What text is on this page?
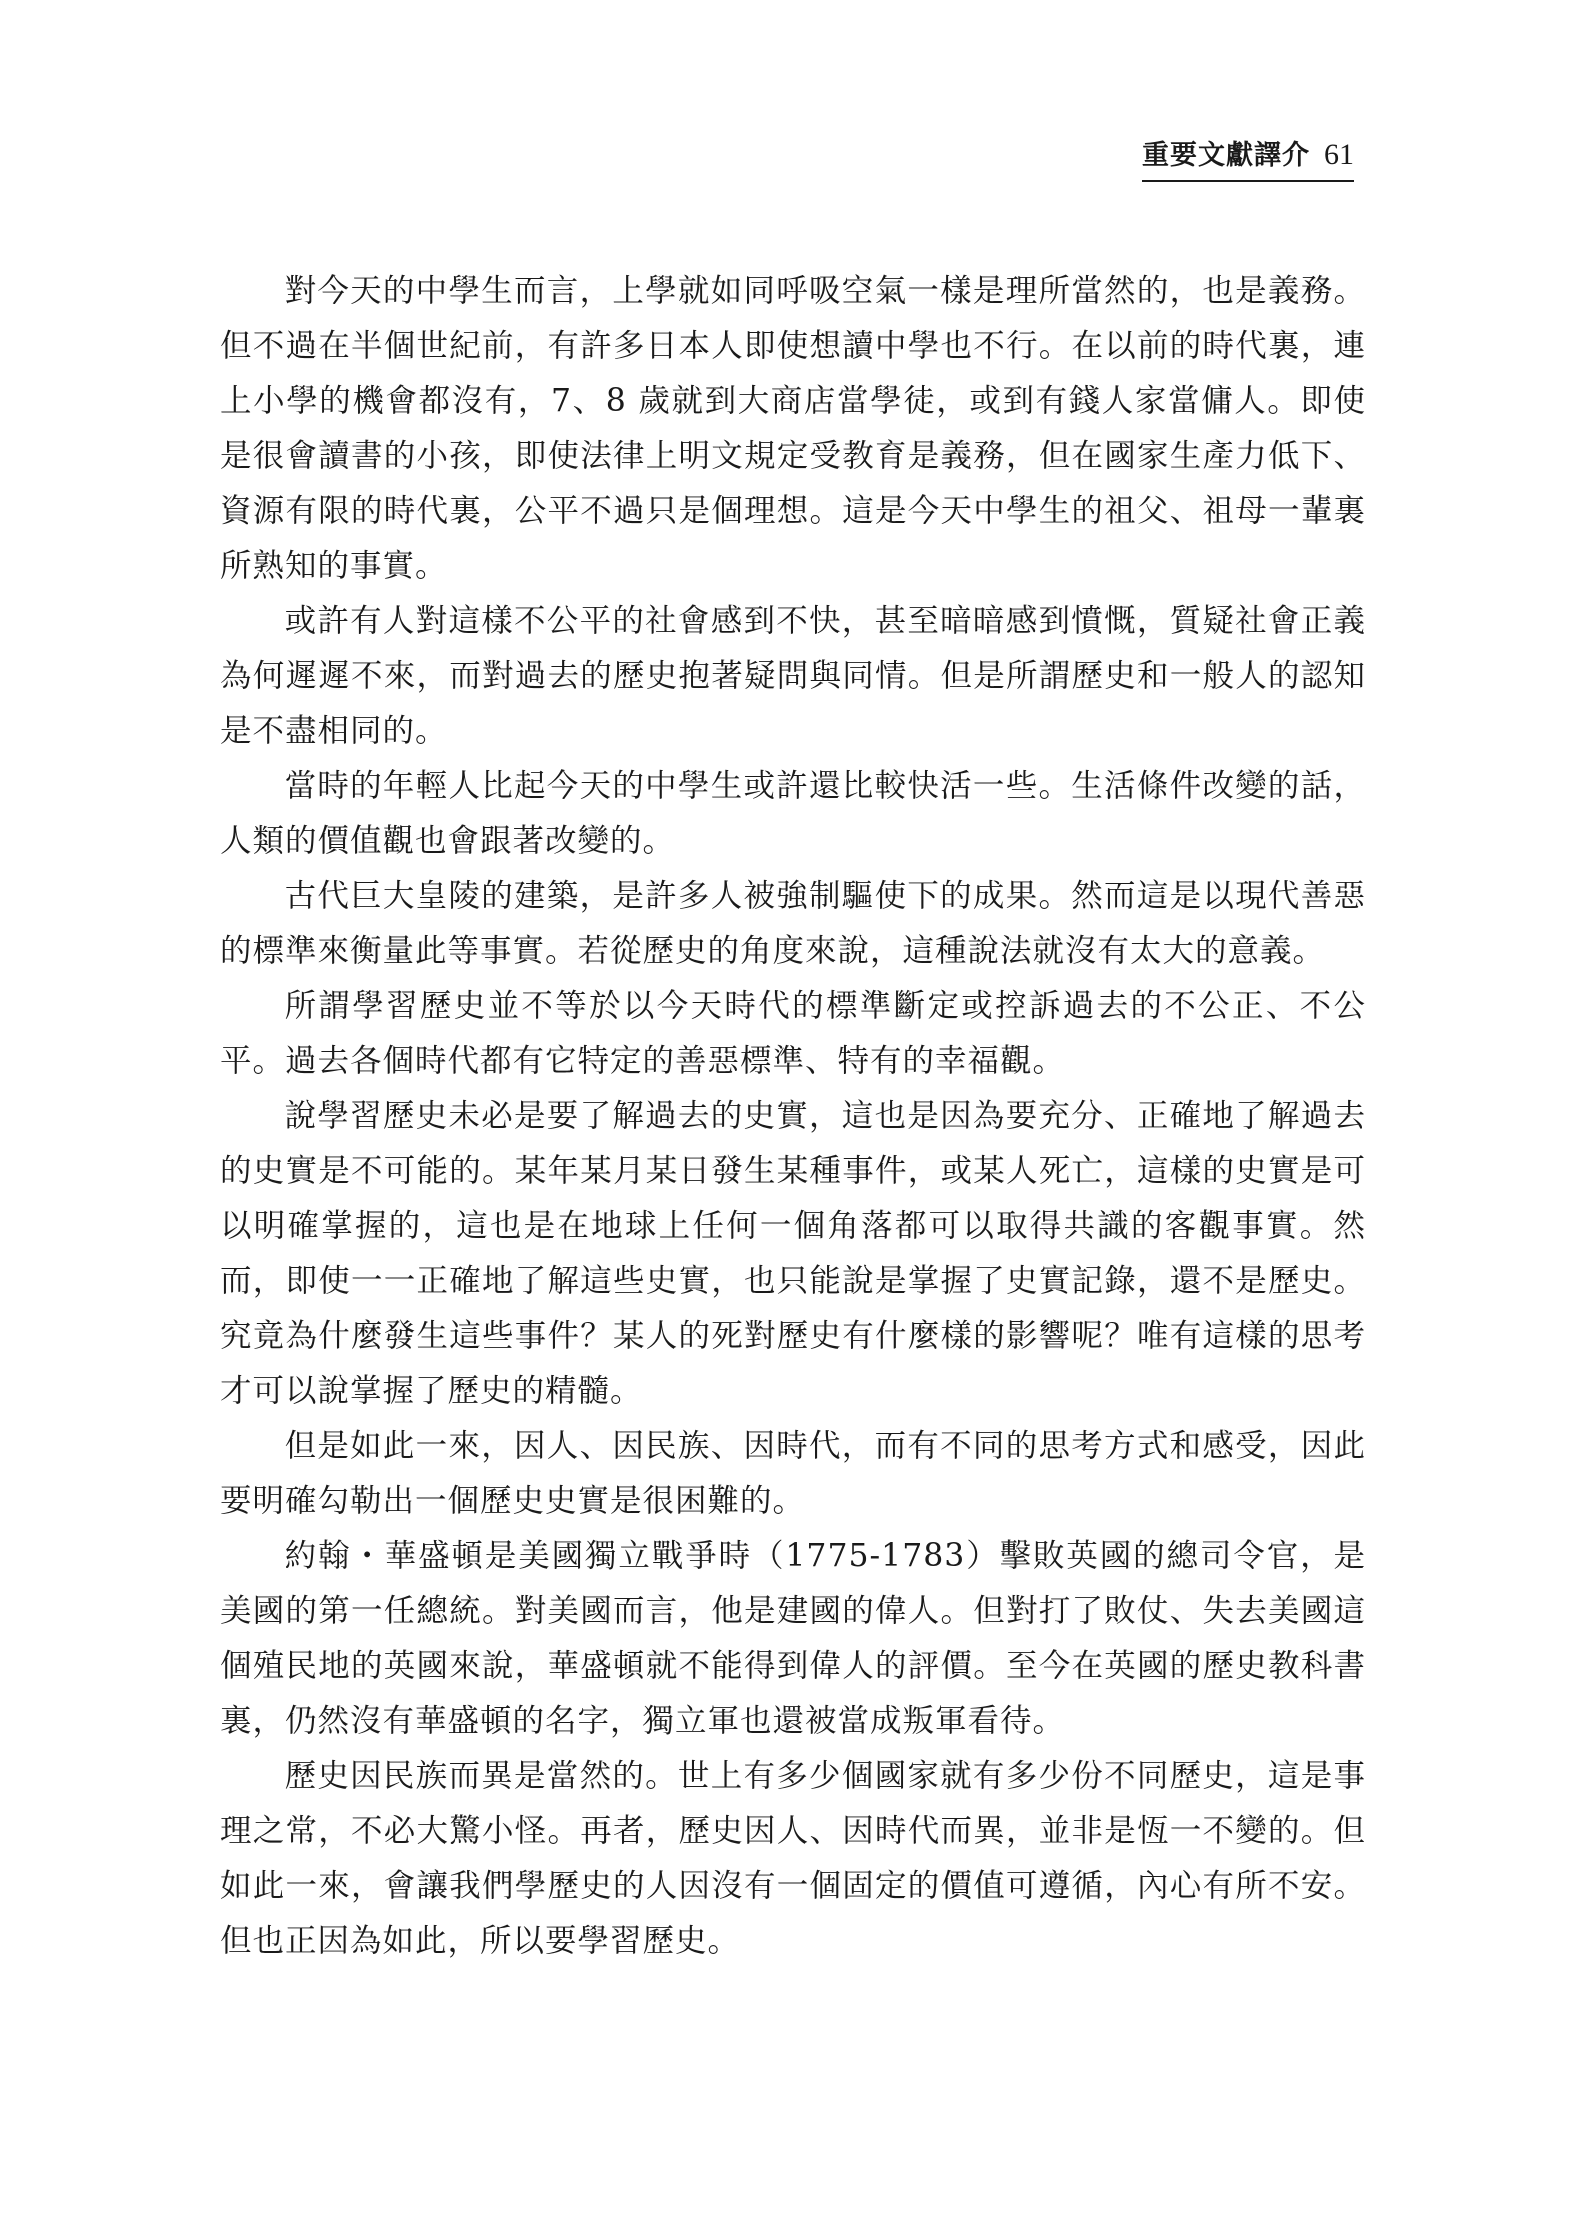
重要文獻譯介 61

對今天的中學生而言，上學就如同呼吸空氣一樣是理所當然的，也是義務。但不過在半個世紀前，有許多日本人即使想讀中學也不行。在以前的時代裏，連上小學的機會都沒有，7、8 歲就到大商店當學徒，或到有錢人家當傭人。即使是很會讀書的小孩，即使法律上明文規定受教育是義務，但在國家生產力低下、資源有限的時代裏，公平不過只是個理想。這是今天中學生的祖父、祖母一輩裏所熟知的事實。

或許有人對這樣不公平的社會感到不快，甚至暗暗感到憤慨，質疑社會正義為何遲遲不來，而對過去的歷史抱著疑問與同情。但是所謂歷史和一般人的認知是不盡相同的。

當時的年輕人比起今天的中學生或許還比較快活一些。生活條件改變的話，人類的價值觀也會跟著改變的。

古代巨大皇陵的建築，是許多人被強制驅使下的成果。然而這是以現代善惡的標準來衡量此等事實。若從歷史的角度來說，這種說法就沒有太大的意義。

所謂學習歷史並不等於以今天時代的標準斷定或控訴過去的不公正、不公平。過去各個時代都有它特定的善惡標準、特有的幸福觀。

說學習歷史未必是要了解過去的史實，這也是因為要充分、正確地了解過去的史實是不可能的。某年某月某日發生某種事件，或某人死亡，這樣的史實是可以明確掌握的，這也是在地球上任何一個角落都可以取得共識的客觀事實。然而，即使一一正確地了解這些史實，也只能說是掌握了史實記錄，還不是歷史。究竟為什麼發生這些事件？某人的死對歷史有什麼樣的影響呢？唯有這樣的思考才可以說掌握了歷史的精髓。

但是如此一來，因人、因民族、因時代，而有不同的思考方式和感受，因此要明確勾勒出一個歷史史實是很困難的。

約翰・華盛頓是美國獨立戰爭時（1775-1783）擊敗英國的總司令官，是美國的第一任總統。對美國而言，他是建國的偉人。但對打了敗仗、失去美國這個殖民地的英國來說，華盛頓就不能得到偉人的評價。至今在英國的歷史教科書裏，仍然沒有華盛頓的名字，獨立軍也還被當成叛軍看待。

歷史因民族而異是當然的。世上有多少個國家就有多少份不同歷史，這是事理之常，不必大驚小怪。再者，歷史因人、因時代而異，並非是恆一不變的。但如此一來，會讓我們學歷史的人因沒有一個固定的價值可遵循，內心有所不安。但也正因為如此，所以要學習歷史。
